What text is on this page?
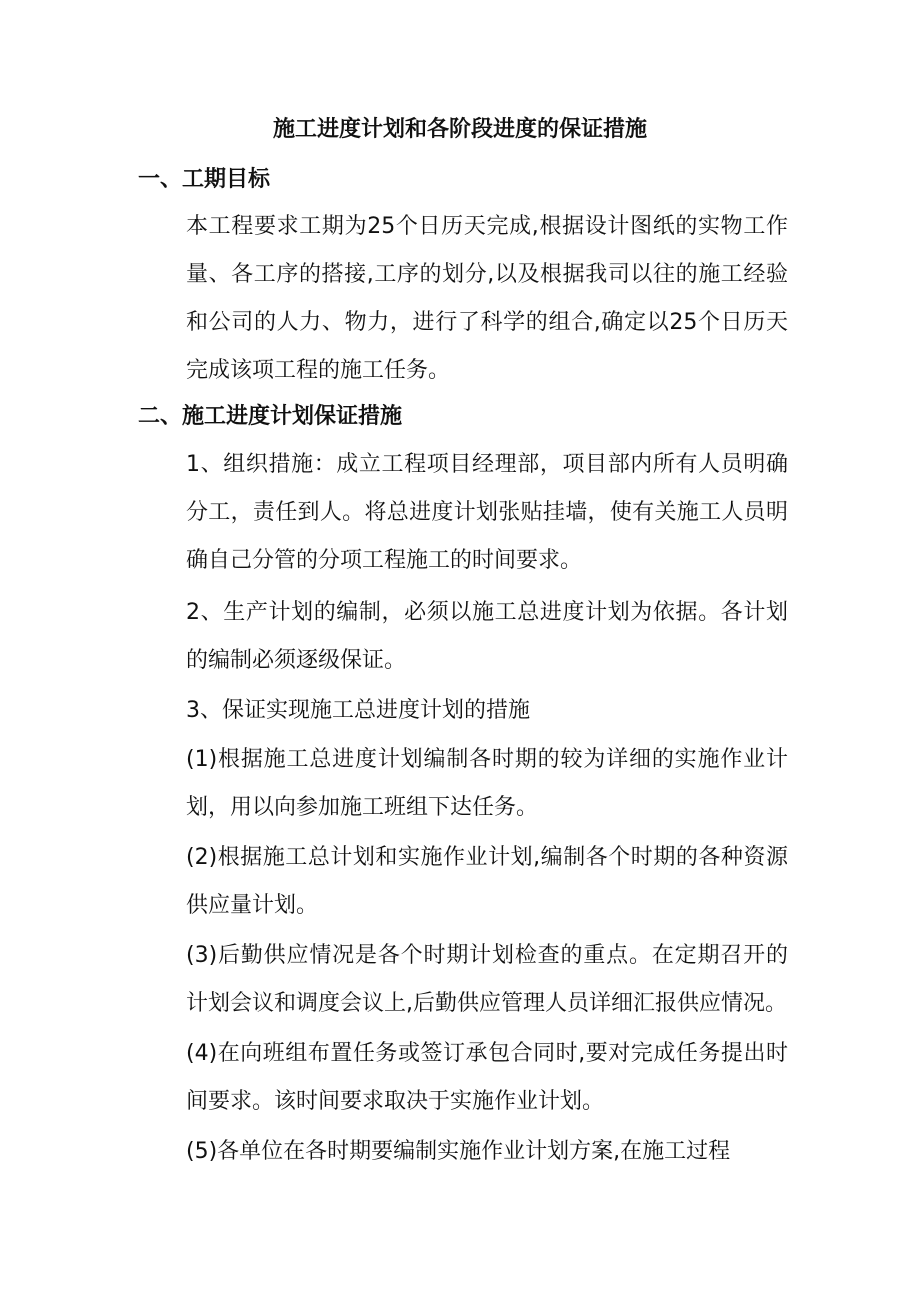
施工进度计划和各阶段进度的保证措施
一、工期目标
本工程要求工期为25个日历天完成,根据设计图纸的实物工作量、各工序的搭接,工序的划分,以及根据我司以往的施工经验和公司的人力、物力，进行了科学的组合,确定以25个日历天完成该项工程的施工任务。
二、施工进度计划保证措施
1、组织措施：成立工程项目经理部，项目部内所有人员明确分工，责任到人。将总进度计划张贴挂墙，使有关施工人员明确自己分管的分项工程施工的时间要求。
2、生产计划的编制，必须以施工总进度计划为依据。各计划的编制必须逐级保证。
3、保证实现施工总进度计划的措施
(1)根据施工总进度计划编制各时期的较为详细的实施作业计划，用以向参加施工班组下达任务。
(2)根据施工总计划和实施作业计划,编制各个时期的各种资源供应量计划。
(3)后勤供应情况是各个时期计划检查的重点。在定期召开的计划会议和调度会议上,后勤供应管理人员详细汇报供应情况。
(4)在向班组布置任务或签订承包合同时,要对完成任务提出时间要求。该时间要求取决于实施作业计划。
(5)各单位在各时期要编制实施作业计划方案,在施工过程
